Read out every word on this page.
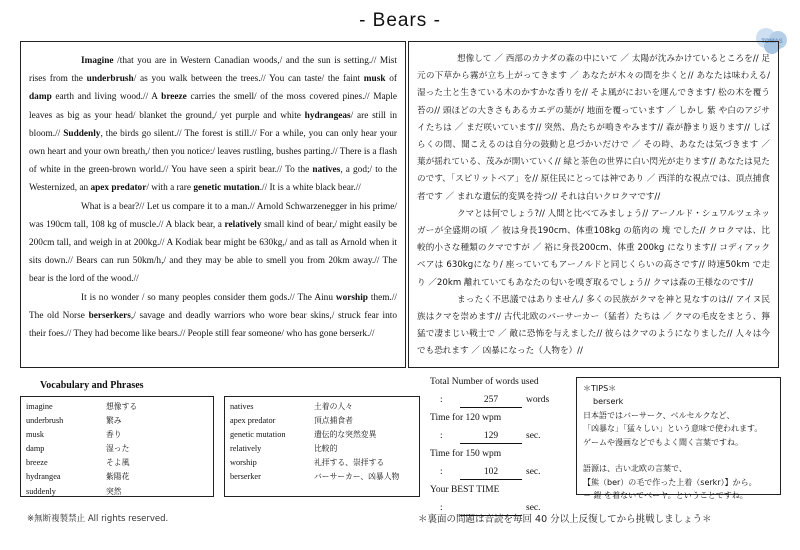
- Bears -
TOMAS

Imagine /that you are in Western Canadian woods,/ and the sun is setting.// Mist rises from the underbrush/ as you walk between the trees.// You can taste/ the faint musk of damp earth and living wood.// A breeze carries the smell/ of the moss covered pines.// Maple leaves as big as your head/ blanket the ground,/ yet purple and white hydrangeas/ are still in bloom.// Suddenly, the birds go silent.// The forest is still.// For a while, you can only hear your own heart and your own breath,/ then you notice:/ leaves rustling, bushes parting.// There is a flash of white in the green-brown world.// You have seen a spirit bear.// To the natives, a god;/ to the Westernized, an apex predator/ with a rare genetic mutation.// It is a white black bear.//

What is a bear?// Let us compare it to a man.// Arnold Schwarzenegger in his prime/ was 190cm tall, 108 kg of muscle.// A black bear, a relatively small kind of bear,/ might easily be 200cm tall, and weigh in at 200kg.// A Kodiak bear might be 630kg,/ and as tall as Arnold when it sits down.// Bears can run 50km/h,/ and they may be able to smell you from 20km away.// The bear is the lord of the wood.//

It is no wonder / so many peoples consider them gods.// The Ainu worship them.// The old Norse berserkers,/ savage and deadly warriors who wore bear skins,/ struck fear into their foes.// They had become like bears.// People still fear someone/ who has gone berserk.//

想像して ／ 西部のカナダの森の中にいて ／ 太陽が沈みかけているところを// 足元の下草から霧が立ち上がってきます ／ あなたが木々の間を歩くと// あなたは味わえる/ 湿った土と生きている木のかすかな香りを// そよ風がにおいを運んできます/ 松の木を覆う苔の// 頭ほどの大きさもあるカエデの葉が/ 地面を覆っています ／ しかし 紫 や白のアジサイたちは ／ まだ咲いています// 突然、鳥たちが鳴きやみます// 森が静まり返ります// しばらくの間、聞こえるのは自分の鼓動と息づかいだけで ／ その時、あなたは気づきます ／ 葉が揺れている、茂みが開いていく// 緑と茶色の世界に白い閃光が走ります// あなたは見たのです、「スピリットベア」を// 原住民にとっては神であり ／ 西洋的な視点では、頂点捕食者です ／ まれな遺伝的変異を持つ// それは白いクロクマです//

クマとは何でしょう?// 人間と比べてみましょう// アーノルド・シュワルツェネッガーが全盛期の頃 ／ 彼は身長190cm、体重108kg の筋肉の 塊 でした// クロクマは、比較的小さな種類のクマですが ／ 裕に身長200cm、体重 200kg になります// コディアックベアは 630kgになり/ 座っていてもアーノルドと同じくらいの高さです// 時速50km で走り ／20km 離れていてもあなたの匂いを嗅ぎ取るでしょう// クマは森の王様なのです//

まったく不思議ではありません/ 多くの民族がクマを神と見なすのは// アイヌ民族はクマを崇めます// 古代北欧のバーサーカー（猛者）たちは ／ クマの毛皮をまとう、獰猛で凄まじい戦士で ／ 敵に恐怖を与えました// 彼らはクマのようになりました// 人々は今でも恐れます ／ 凶暴になった（人物を）//

Vocabulary and Phrases
imagine	想像する
underbrush	繁み
musk	香り
damp	湿った
breeze	そよ風
hydrangea	紫陽花
suddenly	突然
natives	土着の人々
apex predator	頂点捕食者
genetic mutation	遺伝的な突然変異
relatively	比較的
worship	礼拝する、崇拝する
berserker	バーサーカー、凶暴人物
Total Number of words used
:	257	words
Time for 120 wpm
:	129	sec.
Time for 150 wpm
:	102	sec.
Your BEST TIME
:	sec.

＊TIPS＊

berserk

日本語ではバーサーク、ベルセルクなど、
「凶暴な」「猛々しい」という意味で使われます。
ゲームや漫画などでもよく聞く言葉ですね。
語源は、古い北欧の言葉で、
【熊（ber）の毛で作った上着（serkr）】から。
＝ 鎧 を着ないでベーヤ。ということですね。
※無断複製禁止 All rights reserved.	＊裏面の問題は音読を毎回 40 分以上反復してから挑戦しましょう＊
